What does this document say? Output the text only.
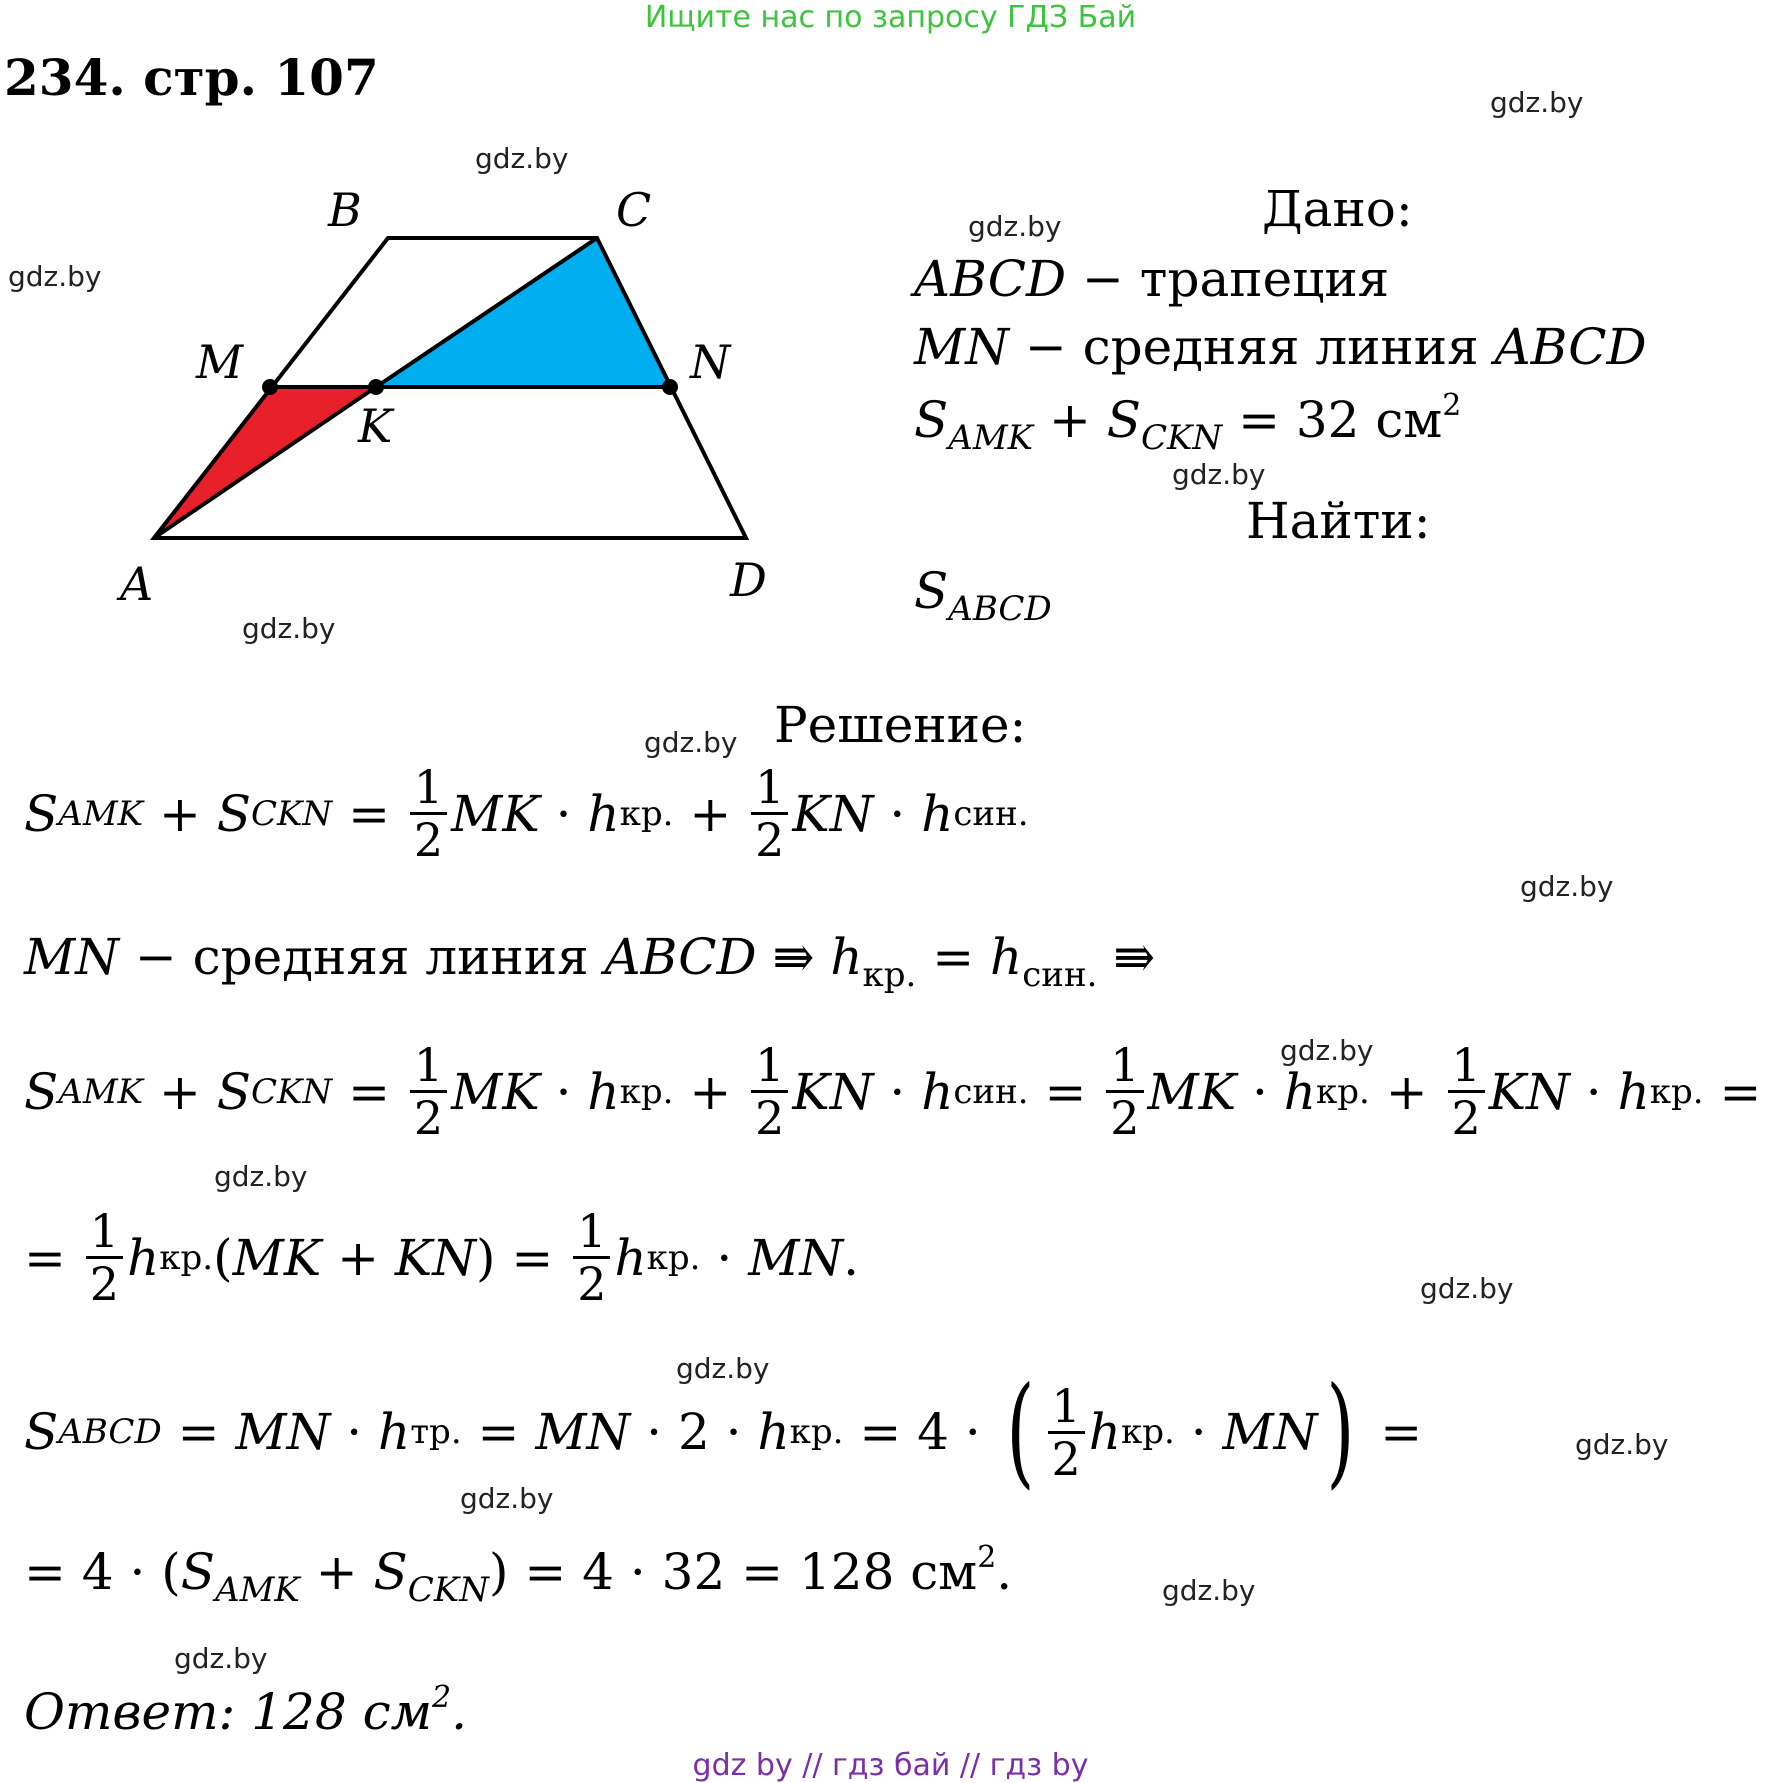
Ищите нас по запросу ГДЗ Бай
234. стр. 107	gdz.by
gdz.by
gdz.by
gdz.by
gdz.by
gdz.by
gdz.by
gdz.by
gdz.by
gdz.by
gdz.by
gdz.by
gdz.by
gdz.by
gdz.by
gdz.by
A
B	C
D
M	N
K
Дано:
ABCD − трапеция
MN − средняя линия ABCD
$S_{AMK} + S_{CKN} = 32$ $см^2$
Найти:
$S_{ABCD}$
Решение:
S AMK + S CKN = $\frac{1}{2}$ MK · h кр. + $\frac{1}{2}$ KN · h син.
MN − средняя линия ABCD ⇛ $h_{кр.} = h_{син.}$ ⇛
S AMK + S CKN = $\frac{1}{2}$ MK · h кр. + $\frac{1}{2}$ KN · h син. = $\frac{1}{2}$ MK · h кр. + $\frac{1}{2}$ KN · h кр. =
= $\frac{1}{2}$ h кр. ( MK + KN ) = $\frac{1}{2}$ h кр. · MN .
S ABCD = MN · h тр. = MN · 2 · h кр. = 4 · ( $\frac{1}{2}$ h кр. · MN ) =
= $4 \cdot (S_{AMK} + S_{CKN}) = 4 \cdot 32 = 128$ $см^2$.
Ответ: 128 $см^2$.
gdz by // гдз бай // гдз by
